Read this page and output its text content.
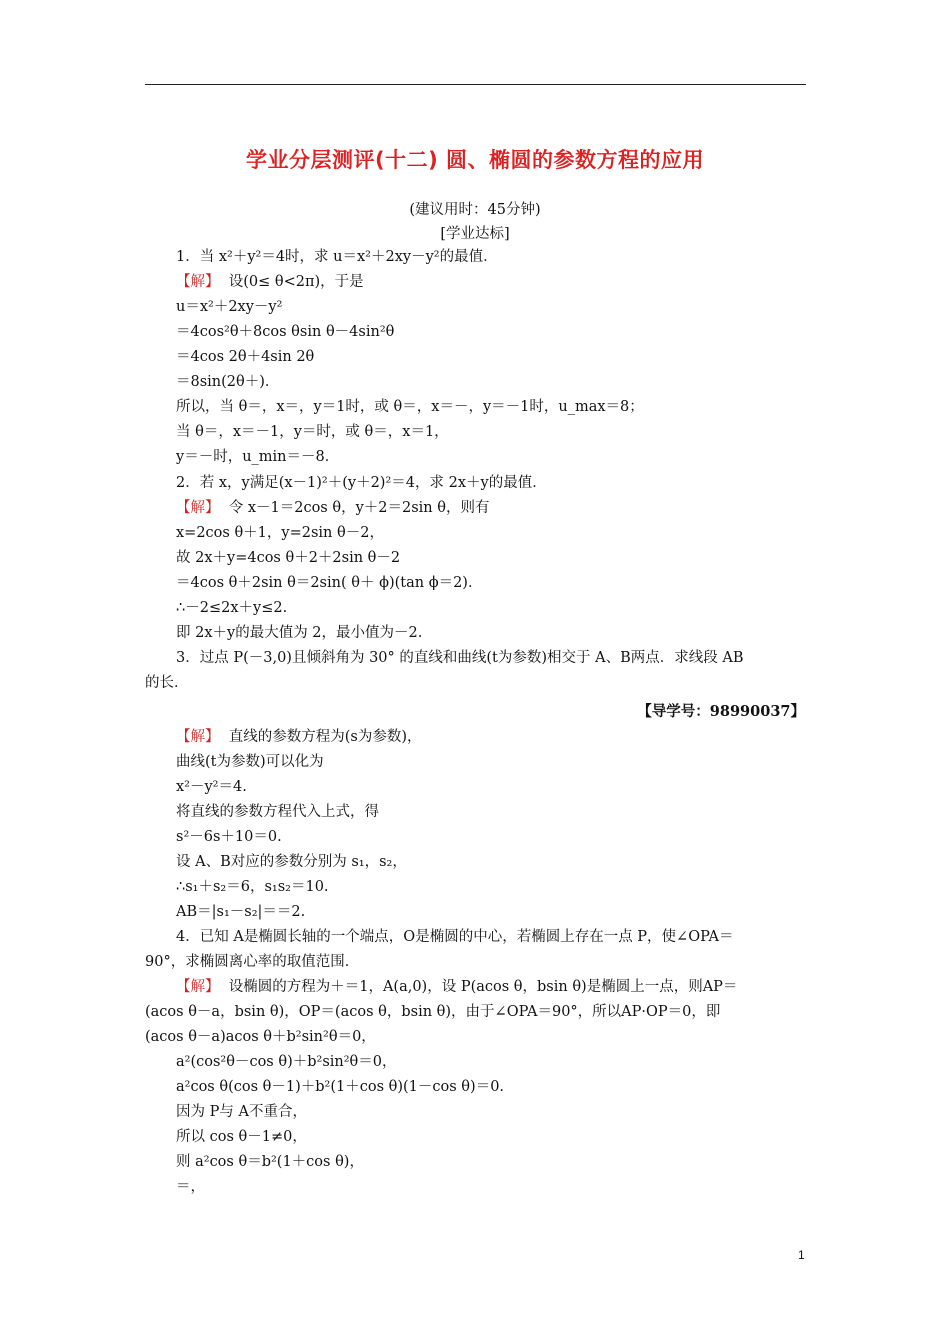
学业分层测评(十二) 圆、椭圆的参数方程的应用
(建议用时：45分钟)
[学业达标]
1．当 x²＋y²＝4时，求 u＝x²＋2xy－y²的最值．
【解】 设(0≤ θ<2π)，于是
u＝x²＋2xy－y²
＝4cos²θ＋8cos θsin θ－4sin²θ
＝4cos 2θ＋4sin 2θ
＝8sin(2θ＋)．
所以，当 θ＝，x＝，y＝1时，或 θ＝，x＝－，y＝－1时，u_max＝8；
当 θ＝，x＝－1，y＝时，或 θ＝，x＝1，
y＝－时，u_min＝－8．
2．若 x，y满足(x－1)²＋(y＋2)²＝4，求 2x＋y的最值．
【解】 令 x－1＝2cos θ，y＋2＝2sin θ，则有
x=2cos θ＋1，y=2sin θ－2，
故 2x＋y=4cos θ＋2＋2sin θ－2
＝4cos θ＋2sin θ＝2sin( θ＋ ϕ)(tan ϕ＝2)．
∴－2≤2x＋y≤2.
即 2x＋y的最大值为 2，最小值为－2.
3．过点 P(－3,0)且倾斜角为 30° 的直线和曲线(t为参数)相交于 A、B两点．求线段 AB
的长．
【导学号：98990037】
【解】 直线的参数方程为(s为参数)，
曲线(t为参数)可以化为
x²－y²＝4.
将直线的参数方程代入上式，得
s²－6s＋10＝0.
设 A、B对应的参数分别为 s₁，s₂，
∴s₁＋s₂＝6，s₁s₂＝10.
AB＝|s₁－s₂|＝＝2.
4．已知 A是椭圆长轴的一个端点，O是椭圆的中心，若椭圆上存在一点 P，使∠OPA＝
90°，求椭圆离心率的取值范围．
【解】 设椭圆的方程为＋＝1，A(a,0)，设 P(acos θ，bsin θ)是椭圆上一点，则AP＝
(acos θ－a，bsin θ)，OP＝(acos θ，bsin θ)，由于∠OPA＝90°，所以AP·OP＝0，即
(acos θ－a)acos θ＋b²sin²θ＝0，
a²(cos²θ－cos θ)＋b²sin²θ＝0，
a²cos θ(cos θ－1)＋b²(1＋cos θ)(1－cos θ)＝0.
因为 P与 A不重合，
所以 cos θ－1≠0，
则 a²cos θ＝b²(1＋cos θ)，
＝，
1
